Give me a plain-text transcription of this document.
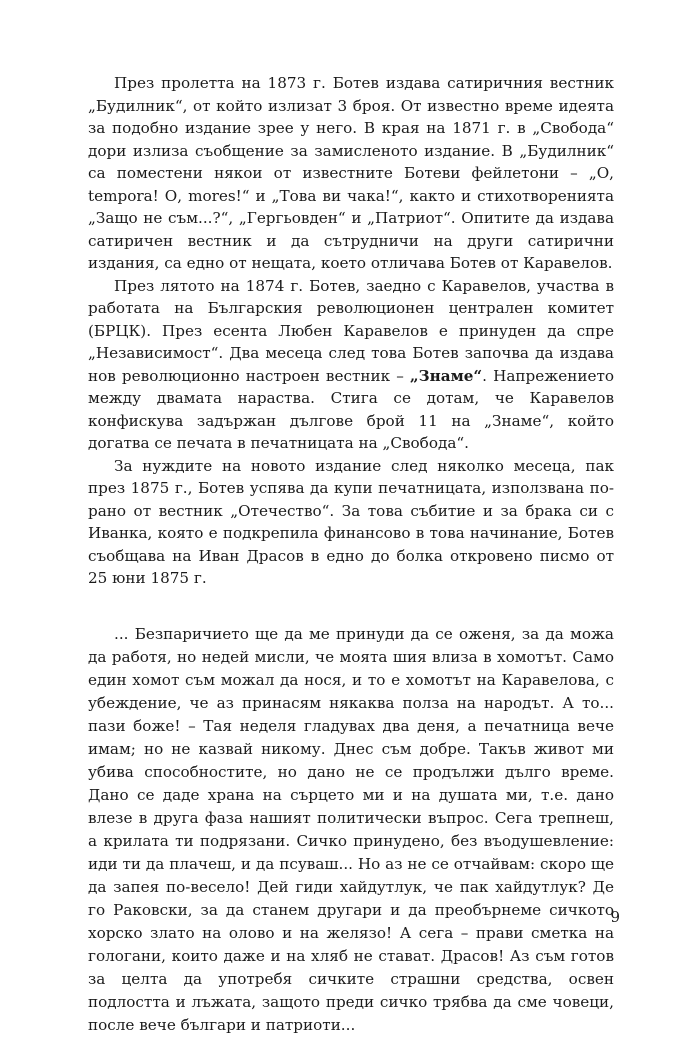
През пролетта на 1873 г. Ботев издава сатиричния вестник „Будилник“, от който излизат 3 броя. От известно време идеята за подобно издание зрее у него. В края на 1871 г. в „Свобода“ дори излиза съобщение за замисленото издание. В „Будилник“ са поместени някои от известните Ботеви фейлетони – „О, tempora! О, mores!“ и „Това ви чака!“, както и стихотворенията „Защо не съм...?“, „Гергьовден“ и „Патриот“. Опитите да издава сатиричен вестник и да сътрудничи на други сатирични издания, са едно от нещата, което отличава Ботев от Каравелов.

През лятото на 1874 г. Ботев, заедно с Каравелов, участва в работата на Българския революционен централен комитет (БРЦК). През есента Любен Каравелов е принуден да спре „Независимост“. Два месеца след това Ботев започва да издава нов революционно настроен вестник – „Знаме“. Напрежението между двамата нараства. Стига се дотам, че Каравелов конфискува задържан дълговe брой 11 на „Знаме“, който догатва се печата в печатницата на „Свобода“.

За нуждите на новото издание след няколко месеца, пак през 1875 г., Ботев успява да купи печатницата, използвана по-рано от вестник „Отечество“. За това събитие и за брака си с Иванка, която е подкрепила финансово в това начинание, Ботев съобщава на Иван Драсов в едно до болка откровено писмо от 25 юни 1875 г.

... Безпаричието ще да ме принуди да се оженя, за да можа да работя, но недей мисли, че моята шия влиза в хомотът. Само един хомот съм можал да нося, и то е хомотът на Каравелова, с убеждение, че аз принасям някаква полза на народът. А то... пази боже! – Тая неделя гладувах два деня, а печатница вече имам; но не казвай никому. Днес съм добре. Такъв живот ми убива способностите, но дано не се продължи дълго време. Дано се даде храна на сърцето ми и на душата ми, т.е. дано влезе в друга фаза нашият политически въпрос. Сега трепнеш, а крилата ти подрязани. Сичко принудено, без въодушевление: иди ти да плачеш, и да псуваш... Но аз не се отчайвам: скоро ще да запея по-весело! Дей гиди хайдутлук, че пак хайдутлук? Де го Раковски, за да станем другари и да преобърнеме сичкото хорско злато на олово и на желязо! А сега – прави сметка на гологани, които даже и на хляб не стават. Драсов! Аз съм готов за целта да употребя сичките страшни средства, освен подлостта и лъжата, защото преди сичко трябва да сме човеци, после вече българи и патриоти...

9
